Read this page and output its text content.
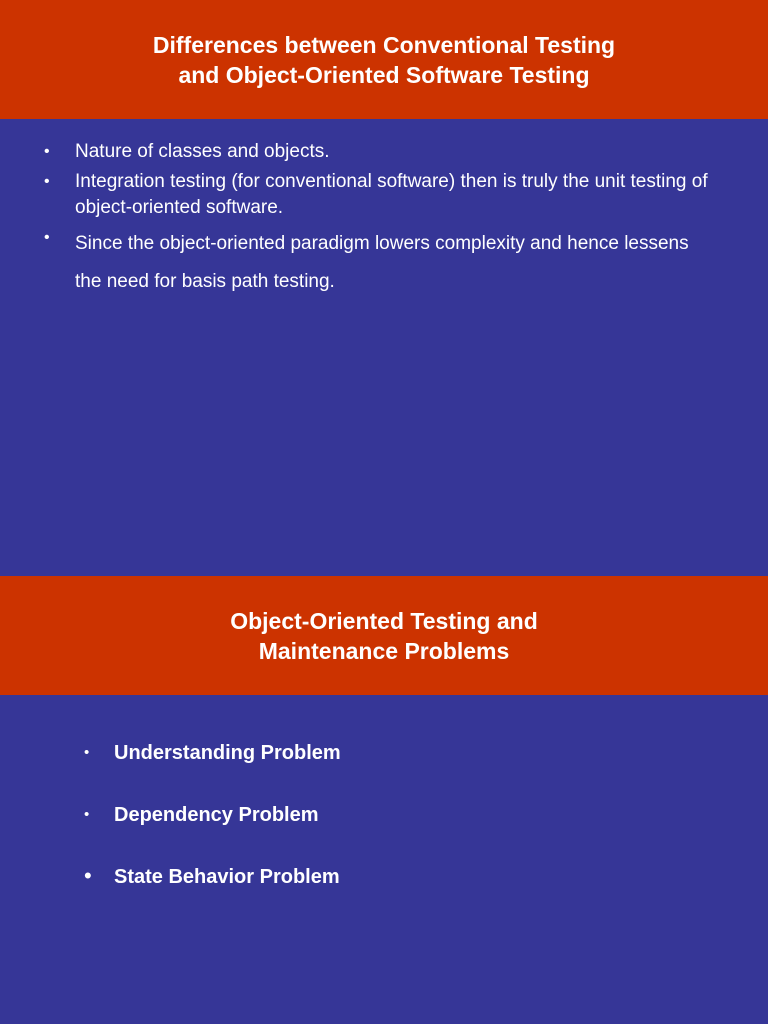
Differences between Conventional Testing
and Object-Oriented Software Testing
• Nature of classes and objects.
• Integration testing (for conventional software) then is truly the unit testing of object-oriented software.
• Since the object-oriented paradigm lowers complexity and hence lessens the need for basis path testing.
Object-Oriented Testing and
Maintenance Problems
• Understanding Problem
• Dependency Problem
• State Behavior Problem
